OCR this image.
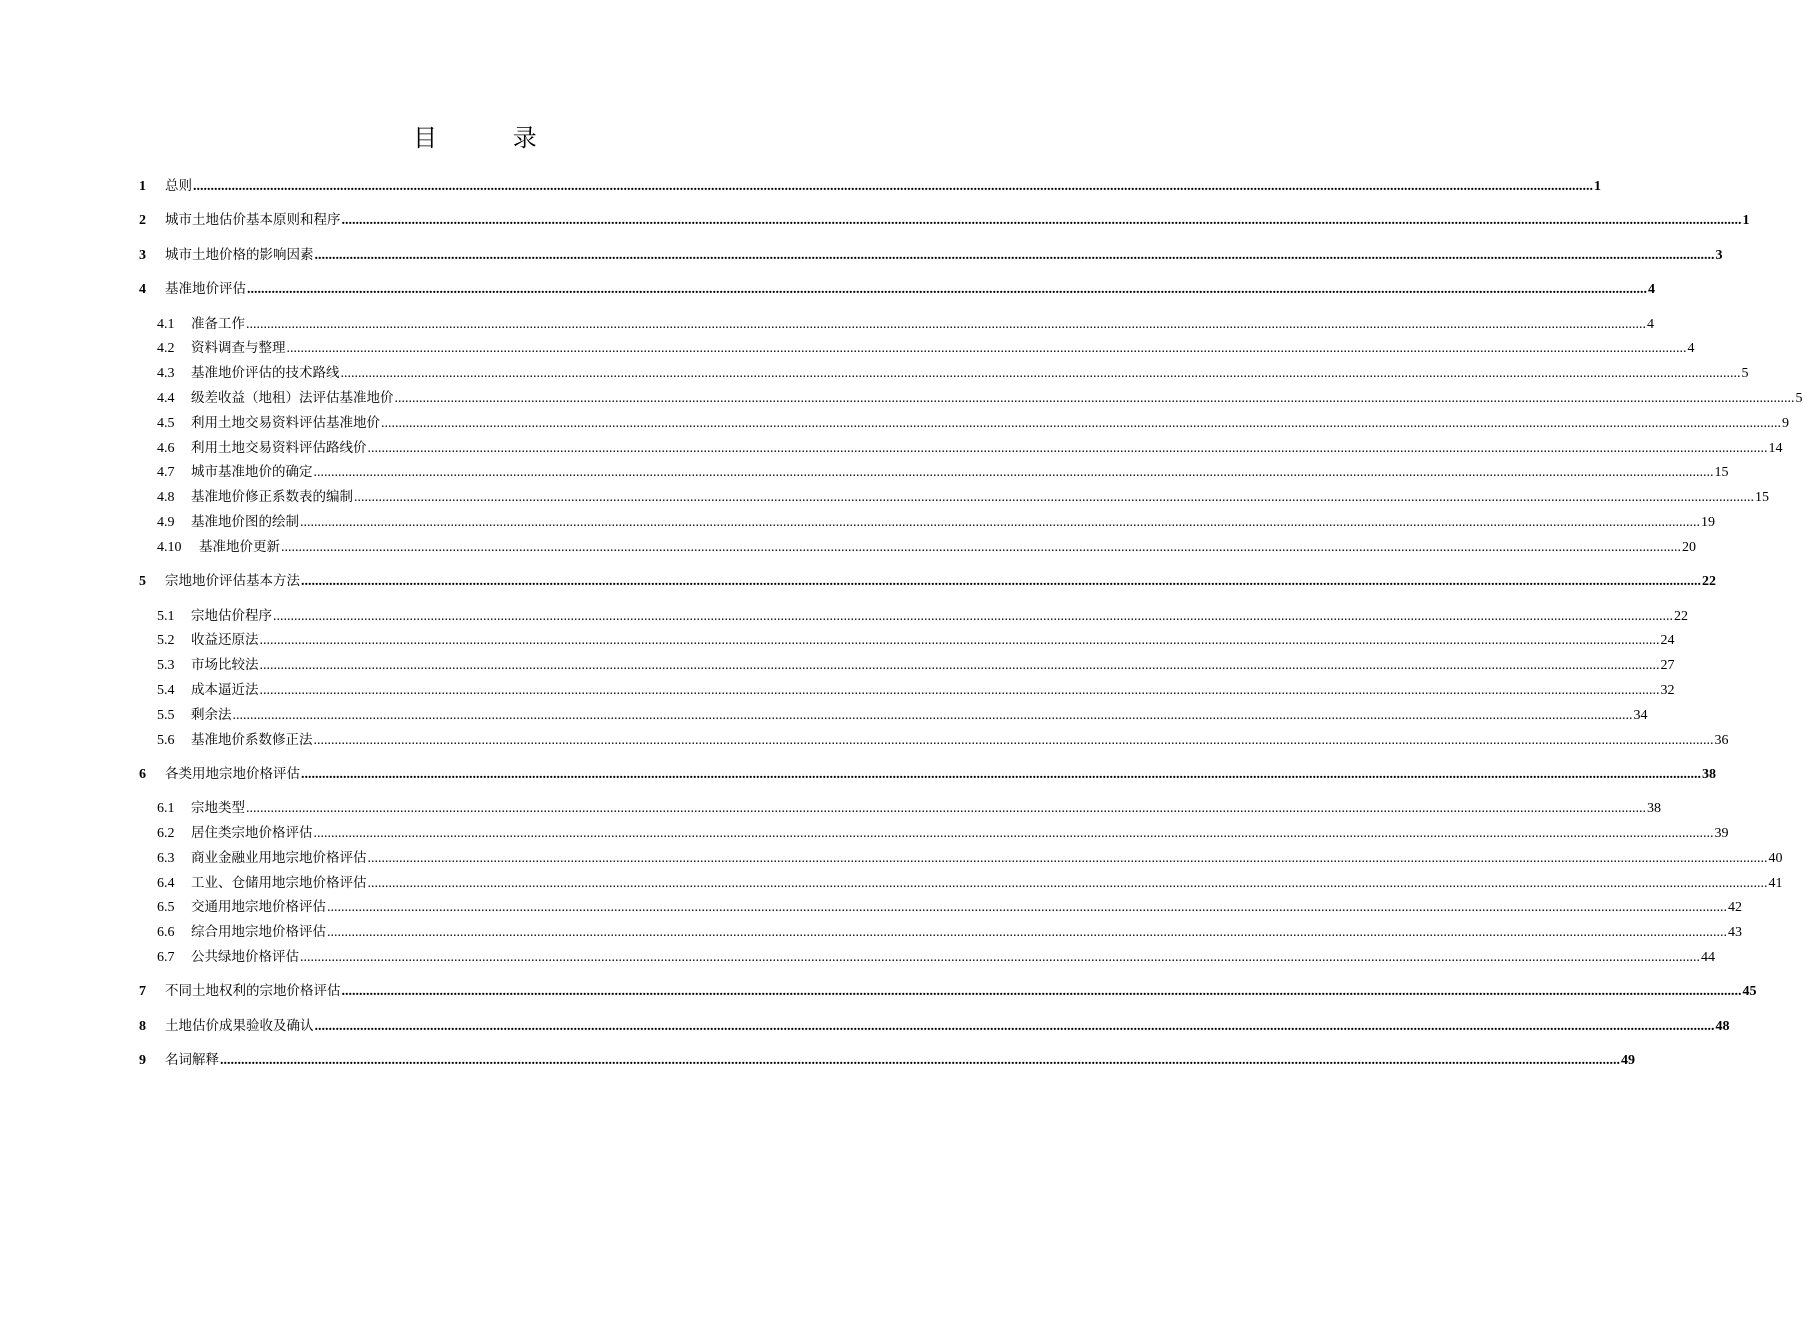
目 录
1	总则 ................................................................................................................................................................................................................................................................................................................................................................................................................ 1
2	城市土地估价基本原则和程序 ................................................................................................................................................................................................................................................................................................................................................................................................................ 1
3	城市土地价格的影响因素 ................................................................................................................................................................................................................................................................................................................................................................................................................ 3
4	基准地价评估 ................................................................................................................................................................................................................................................................................................................................................................................................................ 4
4.1	准备工作 ................................................................................................................................................................................................................................................................................................................................................................................................................ 4
4.2	资料调查与整理 ................................................................................................................................................................................................................................................................................................................................................................................................................ 4
4.3	基准地价评估的技术路线 ................................................................................................................................................................................................................................................................................................................................................................................................................ 5
4.4	级差收益（地租）法评估基准地价 ................................................................................................................................................................................................................................................................................................................................................................................................................ 5
4.5	利用土地交易资料评估基准地价 ................................................................................................................................................................................................................................................................................................................................................................................................................ 9
4.6	利用土地交易资料评估路线价 ................................................................................................................................................................................................................................................................................................................................................................................................................ 14
4.7	城市基准地价的确定 ................................................................................................................................................................................................................................................................................................................................................................................................................ 15
4.8	基准地价修正系数表的编制 ................................................................................................................................................................................................................................................................................................................................................................................................................ 15
4.9	基准地价图的绘制 ................................................................................................................................................................................................................................................................................................................................................................................................................ 19
4.10	基准地价更新 ................................................................................................................................................................................................................................................................................................................................................................................................................ 20
5	宗地地价评估基本方法 ................................................................................................................................................................................................................................................................................................................................................................................................................ 22
5.1	宗地估价程序 ................................................................................................................................................................................................................................................................................................................................................................................................................ 22
5.2	收益还原法 ................................................................................................................................................................................................................................................................................................................................................................................................................ 24
5.3	市场比较法 ................................................................................................................................................................................................................................................................................................................................................................................................................ 27
5.4	成本逼近法 ................................................................................................................................................................................................................................................................................................................................................................................................................ 32
5.5	剩余法 ................................................................................................................................................................................................................................................................................................................................................................................................................ 34
5.6	基准地价系数修正法 ................................................................................................................................................................................................................................................................................................................................................................................................................ 36
6	各类用地宗地价格评估 ................................................................................................................................................................................................................................................................................................................................................................................................................ 38
6.1	宗地类型 ................................................................................................................................................................................................................................................................................................................................................................................................................ 38
6.2	居住类宗地价格评估 ................................................................................................................................................................................................................................................................................................................................................................................................................ 39
6.3	商业金融业用地宗地价格评估 ................................................................................................................................................................................................................................................................................................................................................................................................................ 40
6.4	工业、仓储用地宗地价格评估 ................................................................................................................................................................................................................................................................................................................................................................................................................ 41
6.5	交通用地宗地价格评估 ................................................................................................................................................................................................................................................................................................................................................................................................................ 42
6.6	综合用地宗地价格评估 ................................................................................................................................................................................................................................................................................................................................................................................................................ 43
6.7	公共绿地价格评估 ................................................................................................................................................................................................................................................................................................................................................................................................................ 44
7	不同土地权利的宗地价格评估 ................................................................................................................................................................................................................................................................................................................................................................................................................ 45
8	土地估价成果验收及确认 ................................................................................................................................................................................................................................................................................................................................................................................................................ 48
9	名词解释 ................................................................................................................................................................................................................................................................................................................................................................................................................ 49
